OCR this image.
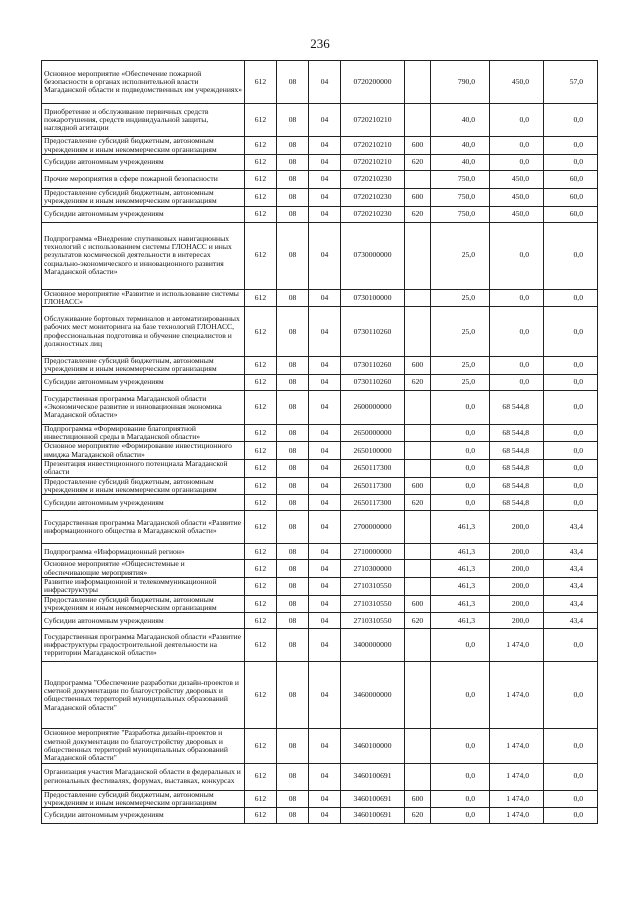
236
Основное мероприятие «Обеспечение пожарной безопасности в органах исполнительной власти Магаданской области и подведомственных им учреждениях»	612	08	04	0720200000		790,0	450,0	57,0
Приобретение и обслуживание первичных средств пожаротушения, средств индивидуальной защиты, наглядной агитации	612	08	04	0720210210		40,0	0,0	0,0
Предоставление субсидий бюджетным, автономным учреждениям и иным некоммерческим организациям	612	08	04	0720210210	600	40,0	0,0	0,0
Субсидии автономным учреждениям	612	08	04	0720210210	620	40,0	0,0	0,0
Прочие мероприятия в сфере пожарной безопасности	612	08	04	0720210230		750,0	450,0	60,0
Предоставление субсидий бюджетным, автономным учреждениям и иным некоммерческим организациям	612	08	04	0720210230	600	750,0	450,0	60,0
Субсидии автономным учреждениям	612	08	04	0720210230	620	750,0	450,0	60,0
Подпрограмма «Внедрение спутниковых навигационных технологий с использованием системы ГЛОНАСС и иных результатов космической деятельности в интересах социально-экономического и инновационного развития Магаданской области»	612	08	04	0730000000		25,0	0,0	0,0
Основное мероприятие «Развитие и использование системы ГЛОНАСС»	612	08	04	0730100000		25,0	0,0	0,0
Обслуживание бортовых терминалов и автоматизированных рабочих мест мониторинга на базе технологий ГЛОНАСС, профессиональная подготовка и обучение специалистов и должностных лиц	612	08	04	0730110260		25,0	0,0	0,0
Предоставление субсидий бюджетным, автономным учреждениям и иным некоммерческим организациям	612	08	04	0730110260	600	25,0	0,0	0,0
Субсидии автономным учреждениям	612	08	04	0730110260	620	25,0	0,0	0,0
Государственная программа Магаданской области «Экономическое развитие и инновационная экономика Магаданской области»	612	08	04	2600000000		0,0	68 544,8	0,0
Подпрограмма «Формирование благоприятной инвестиционной среды в Магаданской области»	612	08	04	2650000000		0,0	68 544,8	0,0
Основное мероприятие «Формирование инвестиционного имиджа Магаданской области»	612	08	04	2650100000		0,0	68 544,8	0,0
Презентация инвестиционного потенциала Магаданской области	612	08	04	2650117300		0,0	68 544,8	0,0
Предоставление субсидий бюджетным, автономным учреждениям и иным некоммерческим организациям	612	08	04	2650117300	600	0,0	68 544,8	0,0
Субсидии автономным учреждениям	612	08	04	2650117300	620	0,0	68 544,8	0,0
Государственная программа Магаданской области «Развитие информационного общества в Магаданской области»	612	08	04	2700000000		461,3	200,0	43,4
Подпрограмма «Информационный регион»	612	08	04	2710000000		461,3	200,0	43,4
Основное мероприятие «Общесистемные и обеспечивающие мероприятия»	612	08	04	2710300000		461,3	200,0	43,4
Развитие информационной и телекоммуникационной инфраструктуры	612	08	04	2710310550		461,3	200,0	43,4
Предоставление субсидий бюджетным, автономным учреждениям и иным некоммерческим организациям	612	08	04	2710310550	600	461,3	200,0	43,4
Субсидии автономным учреждениям	612	08	04	2710310550	620	461,3	200,0	43,4
Государственная программа Магаданской области «Развитие инфраструктуры градостроительной деятельности на территории Магаданской области»	612	08	04	3400000000		0,0	1 474,0	0,0
Подпрограмма "Обеспечение разработки дизайн-проектов и сметной документации по благоустройству дворовых и общественных территорий муниципальных образований Магаданской области"	612	08	04	3460000000		0,0	1 474,0	0,0
Основное мероприятие "Разработка дизайн-проектов и сметной документации по благоустройству дворовых и общественных территорий муниципальных образований Магаданской области"	612	08	04	3460100000		0,0	1 474,0	0,0
Организация участия Магаданской области в федеральных и региональных фестивалях, форумах, выставках, конкурсах	612	08	04	3460100691		0,0	1 474,0	0,0
Предоставление субсидий бюджетным, автономным учреждениям и иным некоммерческим организациям	612	08	04	3460100691	600	0,0	1 474,0	0,0
Субсидии автономным учреждениям	612	08	04	3460100691	620	0,0	1 474,0	0,0
